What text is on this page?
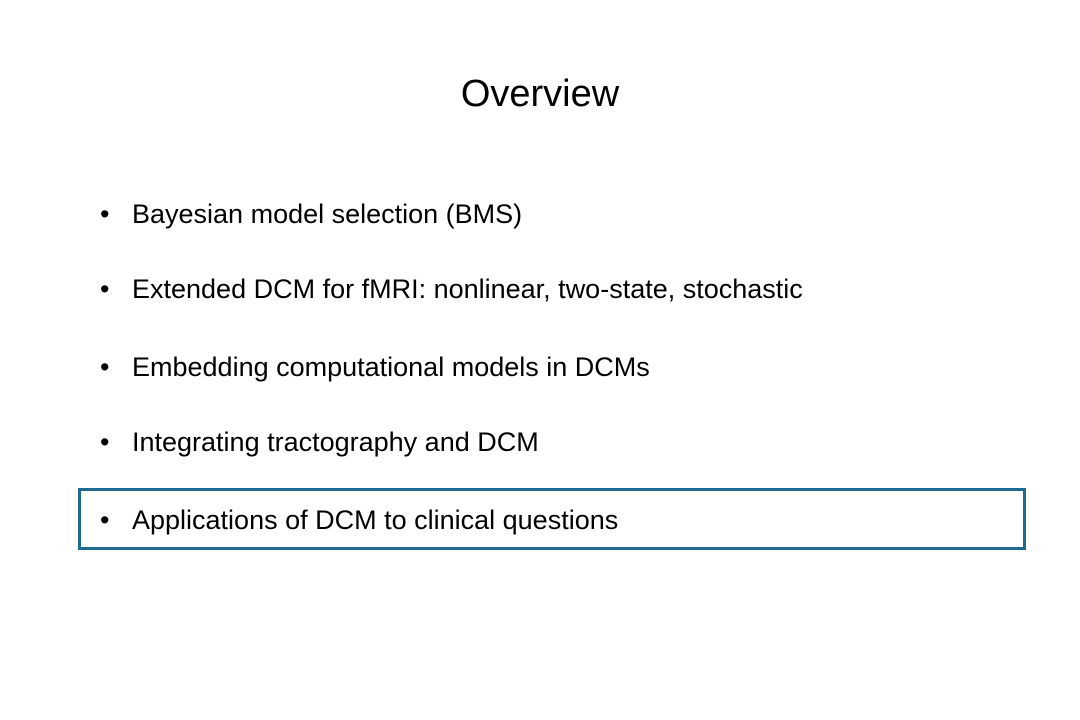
Overview
• Bayesian model selection (BMS)
• Extended DCM for fMRI: nonlinear, two-state, stochastic
• Embedding computational models in DCMs
• Integrating tractography and DCM
• Applications of DCM to clinical questions
